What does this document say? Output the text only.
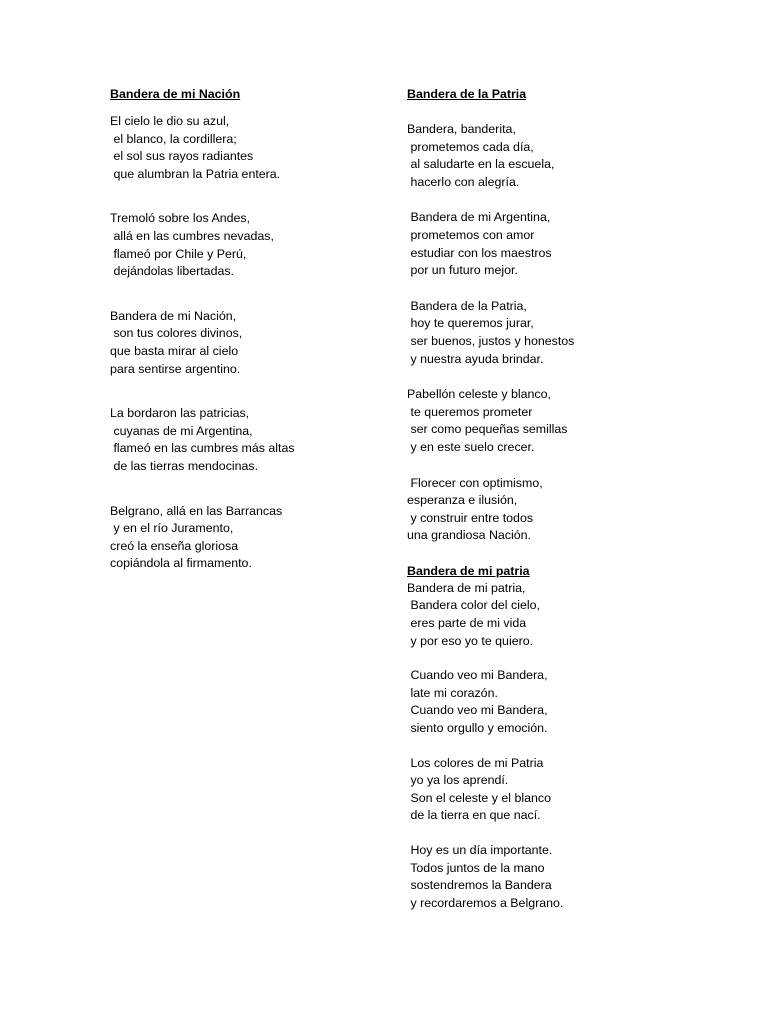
Bandera de mi Nación
El cielo le dio su azul,
el blanco, la cordillera;
el sol sus rayos radiantes
que alumbran la Patria entera.
Tremoló sobre los Andes,
allá en las cumbres nevadas,
flameó por Chile y Perú,
dejándolas libertadas.
Bandera de mi Nación,
son tus colores divinos,
que basta mirar al cielo
para sentirse argentino.
La bordaron las patricias,
cuyanas de mi Argentina,
flameó en las cumbres más altas
de las tierras mendocinas.
Belgrano, allá en las Barrancas
y en el río Juramento,
creó la enseña gloriosa
copiándola al firmamento.
Bandera de la Patria
Bandera, banderita,
prometemos cada día,
al saludarte en la escuela,
hacerlo con alegría.
Bandera de mi Argentina,
prometemos con amor
estudiar con los maestros
por un futuro mejor.
Bandera de la Patria,
hoy te queremos jurar,
ser buenos, justos y honestos
y nuestra ayuda brindar.
Pabellón celeste y blanco,
te queremos prometer
ser como pequeñas semillas
y en este suelo crecer.
Florecer con optimismo,
esperanza e ilusión,
y construir entre todos
una grandiosa Nación.
Bandera de mi patria
Bandera de mi patria,
Bandera color del cielo,
eres parte de mi vida
y por eso yo te quiero.
Cuando veo mi Bandera,
late mi corazón.
Cuando veo mi Bandera,
siento orgullo y emoción.
Los colores de mi Patria
yo ya los aprendí.
Son el celeste y el blanco
de la tierra en que nací.
Hoy es un día importante.
Todos juntos de la mano
sostendremos la Bandera
y recordaremos a Belgrano.
